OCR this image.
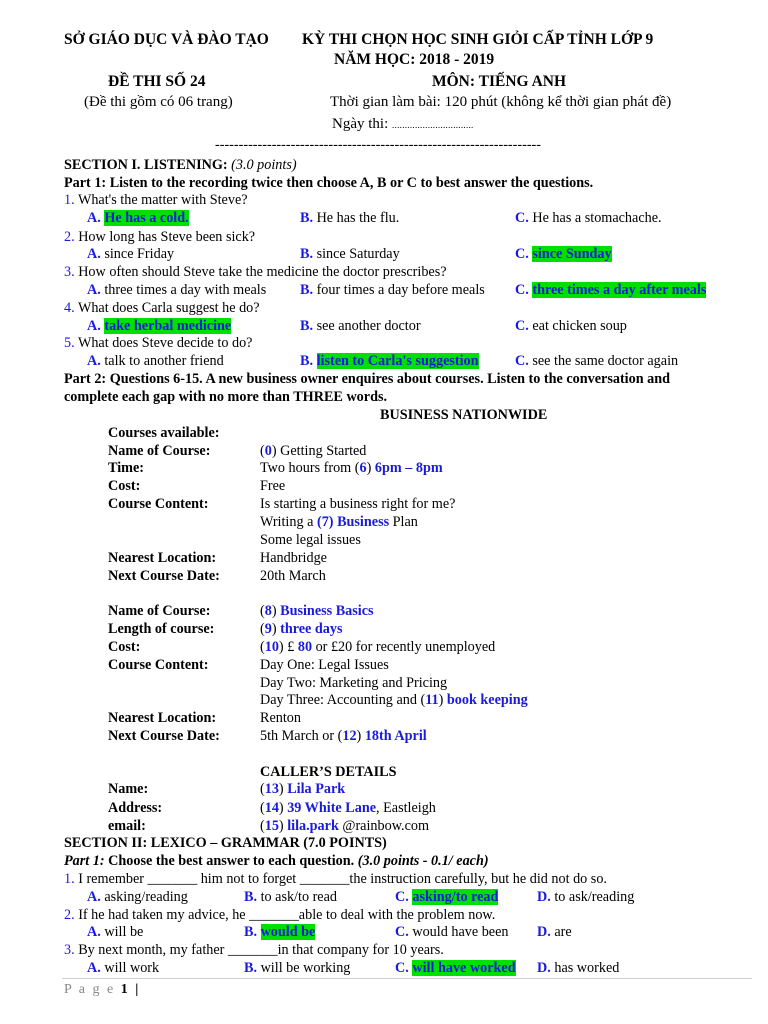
SỞ GIÁO DỤC VÀ ĐÀO TẠO KỲ THI CHỌN HỌC SINH GIỎI CẤP TỈNH LỚP 9
NĂM HỌC: 2018 - 2019
ĐỀ THI SỐ 24	MÔN: TIẾNG ANH
(Đề thi gồm có 06 trang)	Thời gian làm bài: 120 phút (không kể thời gian phát đề)
Ngày thi: ................................
---------------------------------------------------------------------
SECTION I. LISTENING: (3.0 points)
Part 1: Listen to the recording twice then choose A, B or C to best answer the questions.
1. What's the matter with Steve?
A. He has a cold.	B. He has the flu.	C. He has a stomachache.
2. How long has Steve been sick?
A. since Friday	B. since Saturday	C. since Sunday
3. How often should Steve take the medicine the doctor prescribes?
A. three times a day with meals B. four times a day before meals C. three times a day after meals
4. What does Carla suggest he do?
A. take herbal medicine	B. see another doctor	C. eat chicken soup
5. What does Steve decide to do?
A. talk to another friend	B. listen to Carla's suggestion	C. see the same doctor again
Part 2: Questions 6-15. A new business owner enquires about courses. Listen to the conversation and
complete each gap with no more than THREE words.
BUSINESS NATIONWIDE
Courses available:
Name of Course:	(0) Getting Started
Time:	Two hours from (6) 6pm – 8pm
Cost:	Free
Course Content:	Is starting a business right for me?
Writing a (7) Business Plan
Some legal issues
Nearest Location:	Handbridge
Next Course Date:	20th March
Name of Course:	(8) Business Basics
Length of course:	(9) three days
Cost:	(10) £ 80 or £20 for recently unemployed
Course Content:	Day One: Legal Issues
Day Two: Marketing and Pricing
Day Three: Accounting and (11) book keeping
Nearest Location:	Renton
Next Course Date:	5th March or (12) 18th April
CALLER’S DETAILS
Name:	(13) Lila Park
Address:	(14) 39 White Lane, Eastleigh
email:	(15) lila.park @rainbow.com
SECTION II: LEXICO – GRAMMAR (7.0 POINTS)
Part 1: Choose the best answer to each question. (3.0 points - 0.1/ each)
1. I remember _______ him not to forget _______the instruction carefully, but he did not do so.
A. asking/reading	B. to ask/to read	C. asking/to read	D. to ask/reading
2. If he had taken my advice, he _______able to deal with the problem now.
A. will be	B. would be	C. would have been D. are
3. By next month, my father _______in that company for 10 years.
A. will work	B. will be working	C. will have worked D. has worked
P a g e 1 |
